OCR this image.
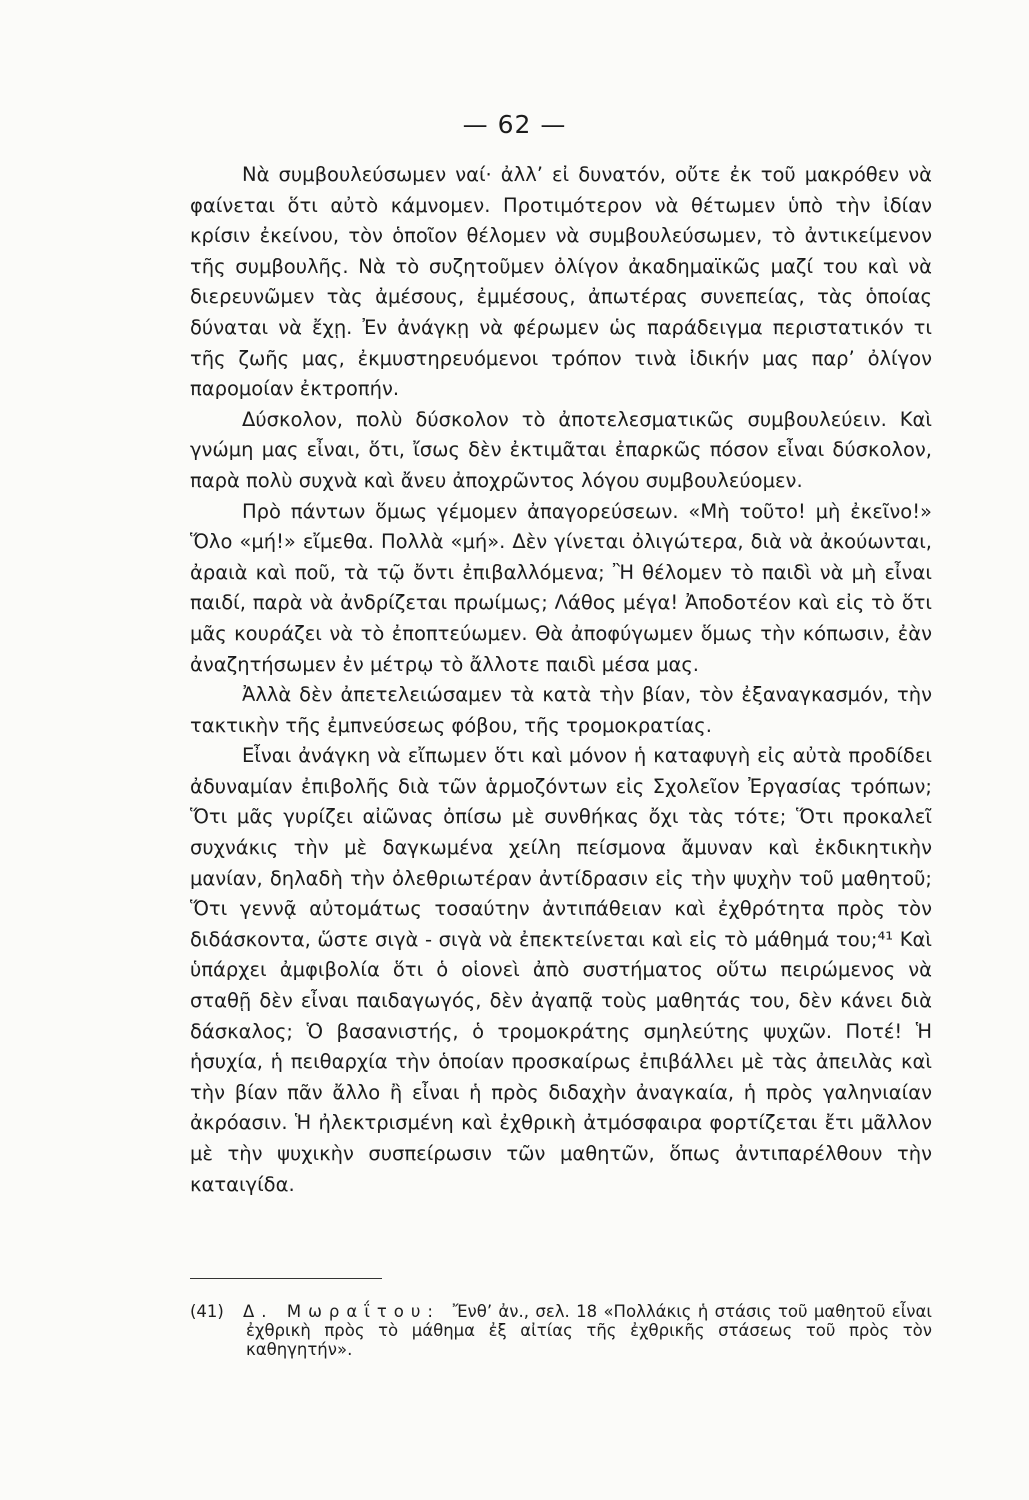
— 62 —

Νὰ συμβουλεύσωμεν ναί· ἀλλ’ εἰ δυνατόν, οὔτε ἐκ τοῦ μακρόθεν νὰ φαίνεται ὅτι αὐτὸ κάμνομεν. Προτιμότερον νὰ θέτωμεν ὑπὸ τὴν ἰδίαν κρίσιν ἐκείνου, τὸν ὁποῖον θέλομεν νὰ συμβουλεύσωμεν, τὸ ἀντικείμενον τῆς συμβουλῆς. Νὰ τὸ συζητοῦμεν ὀλίγον ἀκαδημαϊκῶς μαζί του καὶ νὰ διερευνῶμεν τὰς ἀμέσους, ἐμμέσους, ἀπωτέρας συνεπείας, τὰς ὁποίας δύναται νὰ ἔχῃ. Ἐν ἀνάγκῃ νὰ φέρωμεν ὡς παράδειγμα περιστατικόν τι τῆς ζωῆς μας, ἐκμυστηρευόμενοι τρόπον τινὰ ἰδικήν μας παρ’ ὀλίγον παρομοίαν ἐκτροπήν.

Δύσκολον, πολὺ δύσκολον τὸ ἀποτελεσματικῶς συμβουλεύειν. Καὶ γνώμη μας εἶναι, ὅτι, ἴσως δὲν ἐκτιμᾶται ἐπαρκῶς πόσον εἶναι δύσκολον, παρὰ πολὺ συχνὰ καὶ ἄνευ ἀποχρῶντος λόγου συμβουλεύομεν.

Πρὸ πάντων ὅμως γέμομεν ἀπαγορεύσεων. «Μὴ τοῦτο! μὴ ἐκεῖνο!» Ὅλο «μή!» εἴμεθα. Πολλὰ «μή». Δὲν γίνεται ὀλιγώτερα, διὰ νὰ ἀκούωνται, ἀραιὰ καὶ ποῦ, τὰ τῷ ὄντι ἐπιβαλλόμενα; Ἢ θέλομεν τὸ παιδὶ νὰ μὴ εἶναι παιδί, παρὰ νὰ ἀνδρίζεται πρωίμως; Λάθος μέγα! Ἀποδοτέον καὶ εἰς τὸ ὅτι μᾶς κουράζει νὰ τὸ ἐποπτεύωμεν. Θὰ ἀποφύγωμεν ὅμως τὴν κόπωσιν, ἐὰν ἀναζητήσωμεν ἐν μέτρῳ τὸ ἄλλοτε παιδὶ μέσα μας.

Ἀλλὰ δὲν ἀπετελειώσαμεν τὰ κατὰ τὴν βίαν, τὸν ἐξαναγκασμόν, τὴν τακτικὴν τῆς ἐμπνεύσεως φόβου, τῆς τρομοκρατίας.

Εἶναι ἀνάγκη νὰ εἴπωμεν ὅτι καὶ μόνον ἡ καταφυγὴ εἰς αὐτὰ προδίδει ἀδυναμίαν ἐπιβολῆς διὰ τῶν ἁρμοζόντων εἰς Σχολεῖον Ἐργασίας τρόπων; Ὅτι μᾶς γυρίζει αἰῶνας ὀπίσω μὲ συνθήκας ὄχι τὰς τότε; Ὅτι προκαλεῖ συχνάκις τὴν μὲ δαγκωμένα χείλη πείσμονα ἄμυναν καὶ ἐκδικητικὴν μανίαν, δηλαδὴ τὴν ὀλεθριωτέραν ἀντίδρασιν εἰς τὴν ψυχὴν τοῦ μαθητοῦ; Ὅτι γεννᾷ αὐτομάτως τοσαύτην ἀντιπάθειαν καὶ ἐχθρότητα πρὸς τὸν διδάσκοντα, ὥστε σιγὰ - σιγὰ νὰ ἐπεκτείνεται καὶ εἰς τὸ μάθημά του;⁴¹ Καὶ ὑπάρχει ἀμφιβολία ὅτι ὁ οἱονεὶ ἀπὸ συστήματος οὕτω πειρώμενος νὰ σταθῇ δὲν εἶναι παιδαγωγός, δὲν ἀγαπᾷ τοὺς μαθητάς του, δὲν κάνει διὰ δάσκαλος; Ὁ βασανιστής, ὁ τρομοκράτης σμηλεύτης ψυχῶν. Ποτέ! Ἡ ἡσυχία, ἡ πειθαρχία τὴν ὁποίαν προσκαίρως ἐπιβάλλει μὲ τὰς ἀπειλὰς καὶ τὴν βίαν πᾶν ἄλλο ἢ εἶναι ἡ πρὸς διδαχὴν ἀναγκαία, ἡ πρὸς γαληνιαίαν ἀκρόασιν. Ἡ ἠλεκτρισμένη καὶ ἐχθρικὴ ἀτμόσφαιρα φορτίζεται ἔτι μᾶλλον μὲ τὴν ψυχικὴν συσπείρωσιν τῶν μαθητῶν, ὅπως ἀντιπαρέλθουν τὴν καταιγίδα.

(41) Δ. Μωραΐτου: Ἔνθ’ ἀν., σελ. 18 «Πολλάκις ἡ στάσις τοῦ μαθητοῦ εἶναι ἐχθρικὴ πρὸς τὸ μάθημα ἐξ αἰτίας τῆς ἐχθρικῆς στάσεως τοῦ πρὸς τὸν καθηγητήν».
